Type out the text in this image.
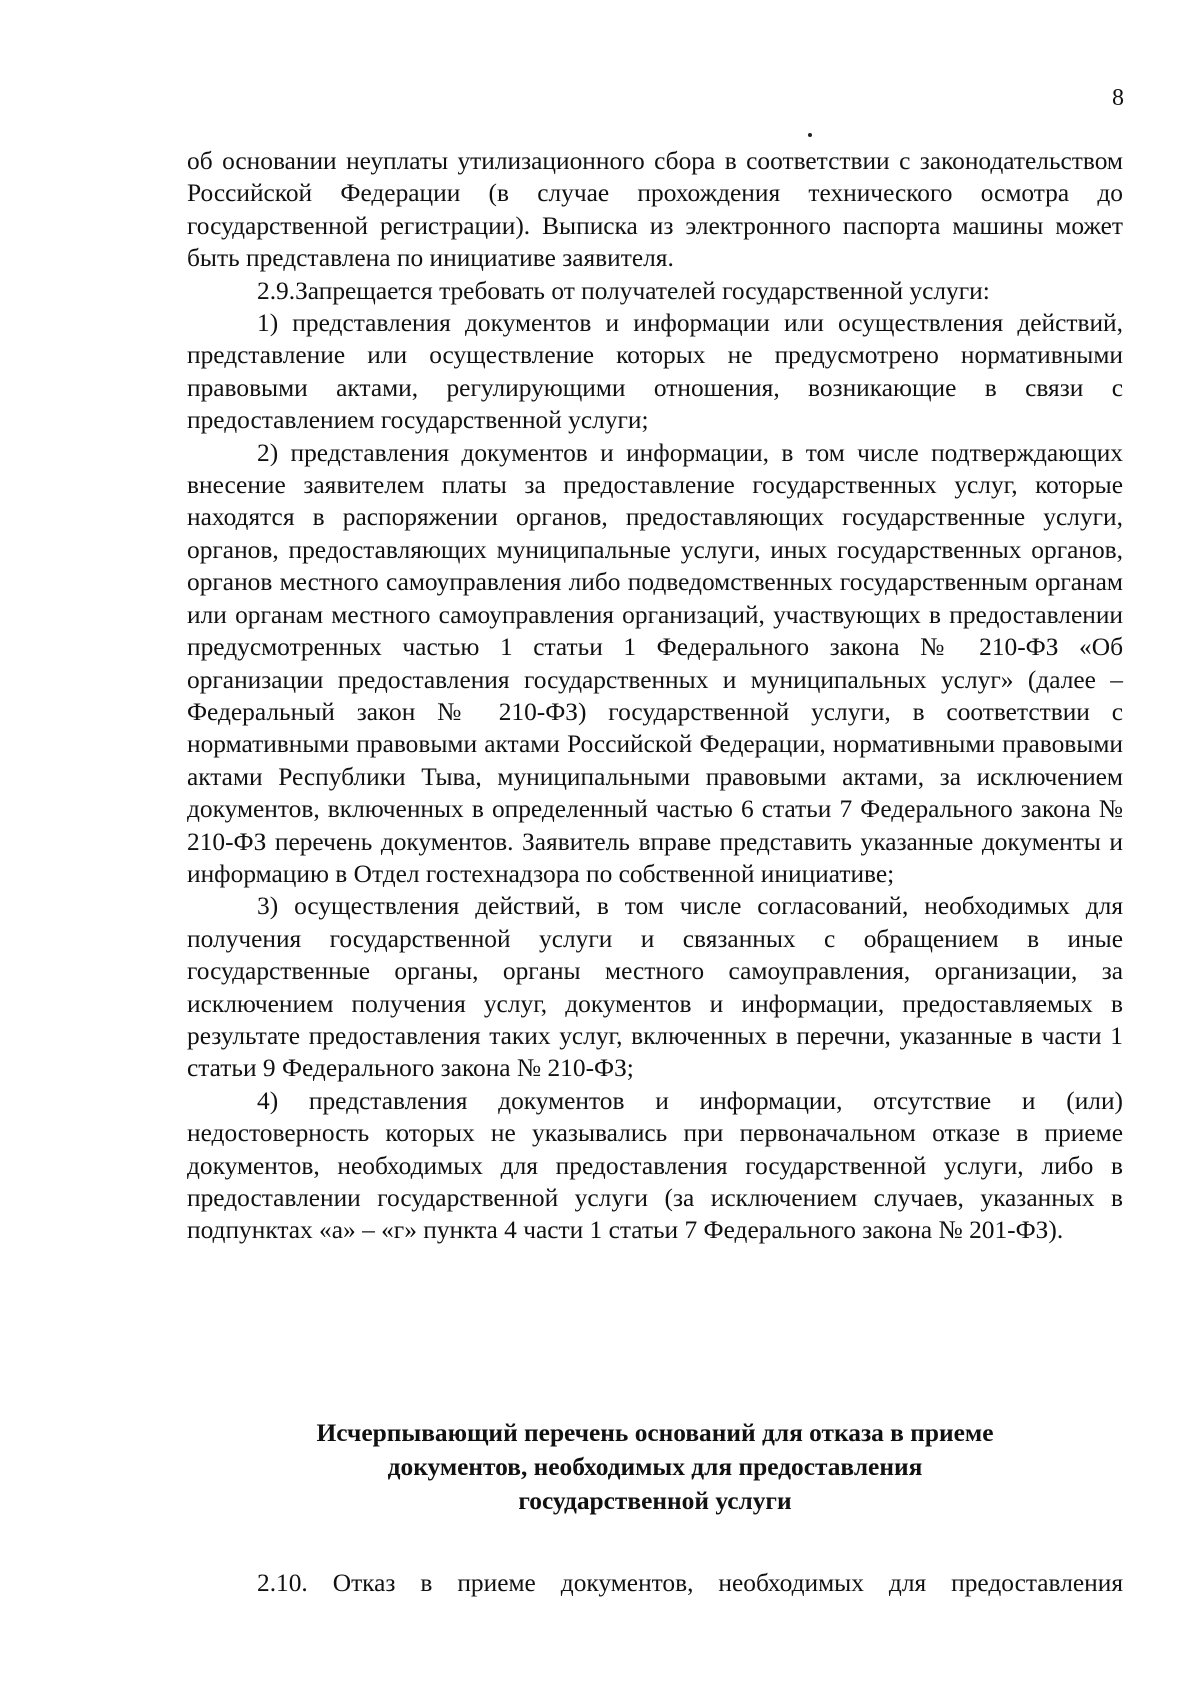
8

об основании неуплаты утилизационного сбора в соответствии с законодательством Российской Федерации (в случае прохождения технического осмотра до государственной регистрации). Выписка из электронного паспорта машины может быть представлена по инициативе заявителя.

2.9.Запрещается требовать от получателей государственной услуги:

1) представления документов и информации или осуществления действий, представление или осуществление которых не предусмотрено нормативными правовыми актами, регулирующими отношения, возникающие в связи с предоставлением государственной услуги;

2) представления документов и информации, в том числе подтверждающих внесение заявителем платы за предоставление государственных услуг, которые находятся в распоряжении органов, предоставляющих государственные услуги, органов, предоставляющих муниципальные услуги, иных государственных органов, органов местного самоуправления либо подведомственных государственным органам или органам местного самоуправления организаций, участвующих в предоставлении предусмотренных частью 1 статьи 1 Федерального закона № 210-ФЗ «Об организации предоставления государственных и муниципальных услуг» (далее – Федеральный закон № 210-ФЗ) государственной услуги, в соответствии с нормативными правовыми актами Российской Федерации, нормативными правовыми актами Республики Тыва, муниципальными правовыми актами, за исключением документов, включенных в определенный частью 6 статьи 7 Федерального закона № 210-ФЗ перечень документов. Заявитель вправе представить указанные документы и информацию в Отдел гостехнадзора по собственной инициативе;

3) осуществления действий, в том числе согласований, необходимых для получения государственной услуги и связанных с обращением в иные государственные органы, органы местного самоуправления, организации, за исключением получения услуг, документов и информации, предоставляемых в результате предоставления таких услуг, включенных в перечни, указанные в части 1 статьи 9 Федерального закона № 210-ФЗ;

4) представления документов и информации, отсутствие и (или) недостоверность которых не указывались при первоначальном отказе в приеме документов, необходимых для предоставления государственной услуги, либо в предоставлении государственной услуги (за исключением случаев, указанных в подпунктах «а» – «г» пункта 4 части 1 статьи 7 Федерального закона № 201-ФЗ).

Исчерпывающий перечень оснований для отказа в приеме
документов, необходимых для предоставления
государственной услуги

2.10. Отказ в приеме документов, необходимых для предоставления
